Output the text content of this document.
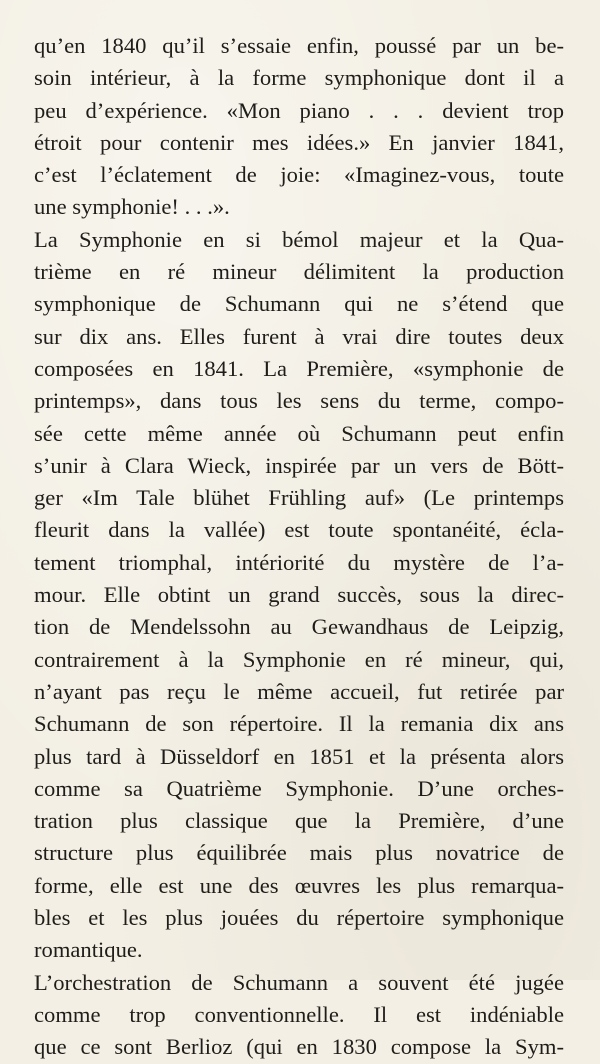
qu’en 1840 qu’il s’essaie enfin, poussé par un be-
soin intérieur, à la forme symphonique dont il a
peu d’expérience. «Mon piano . . . devient trop
étroit pour contenir mes idées.» En janvier 1841,
c’est l’éclatement de joie: «Imaginez-vous, toute
une symphonie! . . .».
La Symphonie en si bémol majeur et la Qua-
trième en ré mineur délimitent la production
symphonique de Schumann qui ne s’étend que
sur dix ans. Elles furent à vrai dire toutes deux
composées en 1841. La Première, «symphonie de
printemps», dans tous les sens du terme, compo-
sée cette même année où Schumann peut enfin
s’unir à Clara Wieck, inspirée par un vers de Bött-
ger «Im Tale blühet Frühling auf» (Le printemps
fleurit dans la vallée) est toute spontanéité, écla-
tement triomphal, intériorité du mystère de l’a-
mour. Elle obtint un grand succès, sous la direc-
tion de Mendelssohn au Gewandhaus de Leipzig,
contrairement à la Symphonie en ré mineur, qui,
n’ayant pas reçu le même accueil, fut retirée par
Schumann de son répertoire. Il la remania dix ans
plus tard à Düsseldorf en 1851 et la présenta alors
comme sa Quatrième Symphonie. D’une orches-
tration plus classique que la Première, d’une
structure plus équilibrée mais plus novatrice de
forme, elle est une des œuvres les plus remarqua-
bles et les plus jouées du répertoire symphonique
romantique.
L’orchestration de Schumann a souvent été jugée
comme trop conventionnelle. Il est indéniable
que ce sont Berlioz (qui en 1830 compose la Sym-
